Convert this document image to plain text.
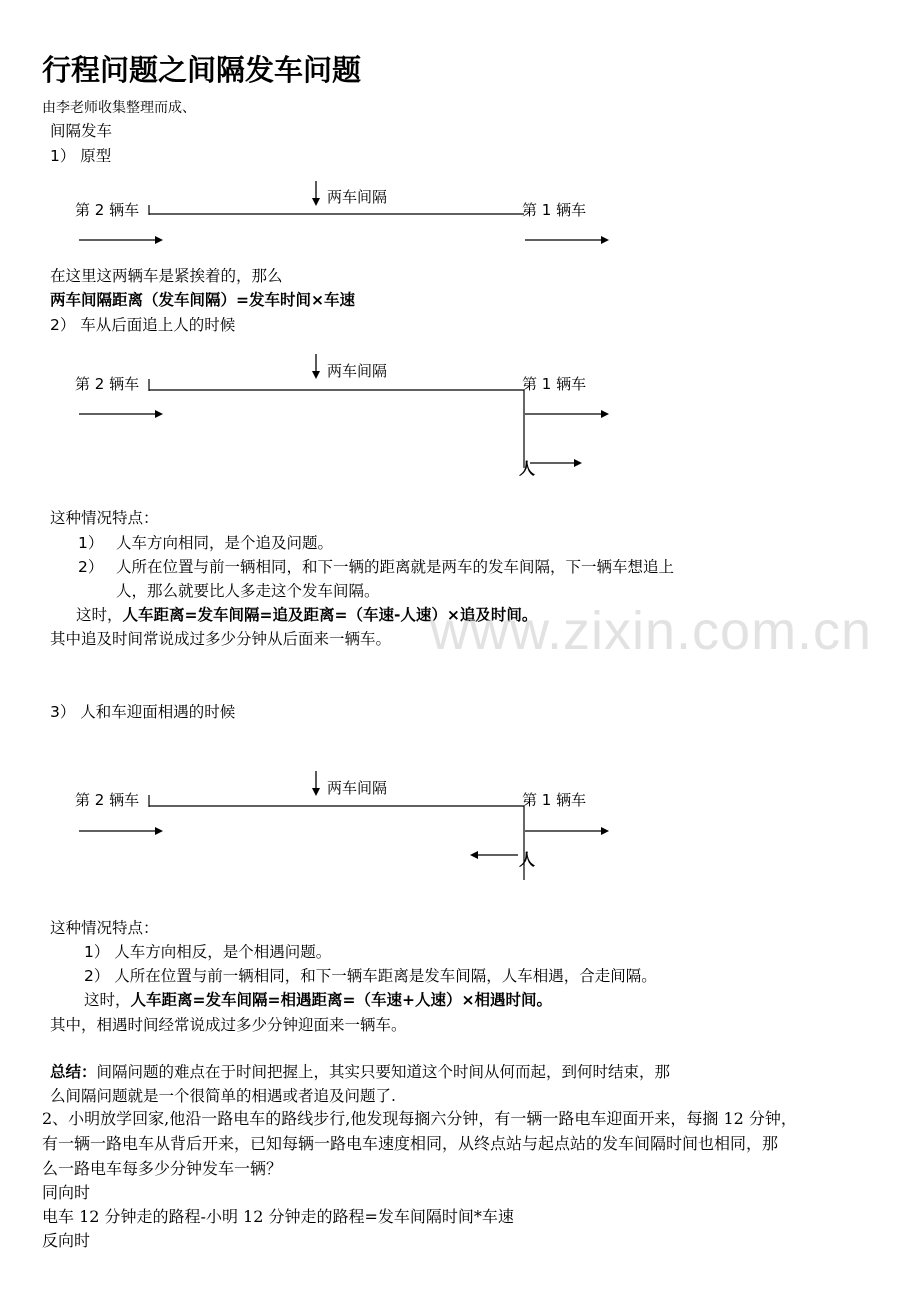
行程问题之间隔发车问题
由李老师收集整理而成、
间隔发车
1） 原型
两车间隔
第 2 辆车	第 1 辆车
在这里这两辆车是紧挨着的，那么
两车间隔距离（发车间隔）=发车时间×车速
2） 车从后面追上人的时候
两车间隔
第 2 辆车	第 1 辆车
人
这种情况特点：
1） 人车方向相同，是个追及问题。
2） 人所在位置与前一辆相同，和下一辆的距离就是两车的发车间隔，下一辆车想追上
人，那么就要比人多走这个发车间隔。
这时，人车距离=发车间隔=追及距离=（车速-人速）×追及时间。
www.zixin.com.cn
其中追及时间常说成过多少分钟从后面来一辆车。
3） 人和车迎面相遇的时候
两车间隔
第 2 辆车	第 1 辆车
人
这种情况特点：
1） 人车方向相反，是个相遇问题。
2） 人所在位置与前一辆相同，和下一辆车距离是发车间隔，人车相遇，合走间隔。
这时，人车距离=发车间隔=相遇距离=（车速+人速）×相遇时间。
其中，相遇时间经常说成过多少分钟迎面来一辆车。
总结：间隔问题的难点在于时间把握上，其实只要知道这个时间从何而起，到何时结束，那
么间隔问题就是一个很简单的相遇或者追及问题了.
2、小明放学回家,他沿一路电车的路线步行,他发现每搁六分钟，有一辆一路电车迎面开来，每搁 12 分钟，
有一辆一路电车从背后开来，已知每辆一路电车速度相同，从终点站与起点站的发车间隔时间也相同，那
么一路电车每多少分钟发车一辆？
同向时
电车 12 分钟走的路程-小明 12 分钟走的路程=发车间隔时间*车速
反向时
